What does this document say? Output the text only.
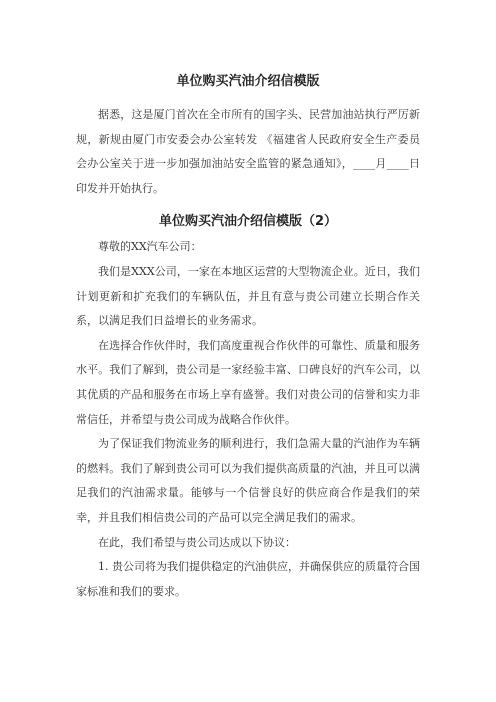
单位购买汽油介绍信模版

据悉，这是厦门首次在全市所有的国字头、民营加油站执行严厉新规，新规由厦门市安委会办公室转发 《福建省人民政府安全生产委员会办公室关于进一步加强加油站安全监管的紧急通知》，____月____日印发并开始执行。

单位购买汽油介绍信模版（2）

尊敬的XX汽车公司：

我们是XXX公司，一家在本地区运营的大型物流企业。近日，我们计划更新和扩充我们的车辆队伍，并且有意与贵公司建立长期合作关系，以满足我们日益增长的业务需求。

在选择合作伙伴时，我们高度重视合作伙伴的可靠性、质量和服务水平。我们了解到，贵公司是一家经验丰富、口碑良好的汽车公司，以其优质的产品和服务在市场上享有盛誉。我们对贵公司的信誉和实力非常信任，并希望与贵公司成为战略合作伙伴。

为了保证我们物流业务的顺利进行，我们急需大量的汽油作为车辆的燃料。我们了解到贵公司可以为我们提供高质量的汽油，并且可以满足我们的汽油需求量。能够与一个信誉良好的供应商合作是我们的荣幸，并且我们相信贵公司的产品可以完全满足我们的需求。

在此，我们希望与贵公司达成以下协议：

1. 贵公司将为我们提供稳定的汽油供应，并确保供应的质量符合国家标准和我们的要求。
